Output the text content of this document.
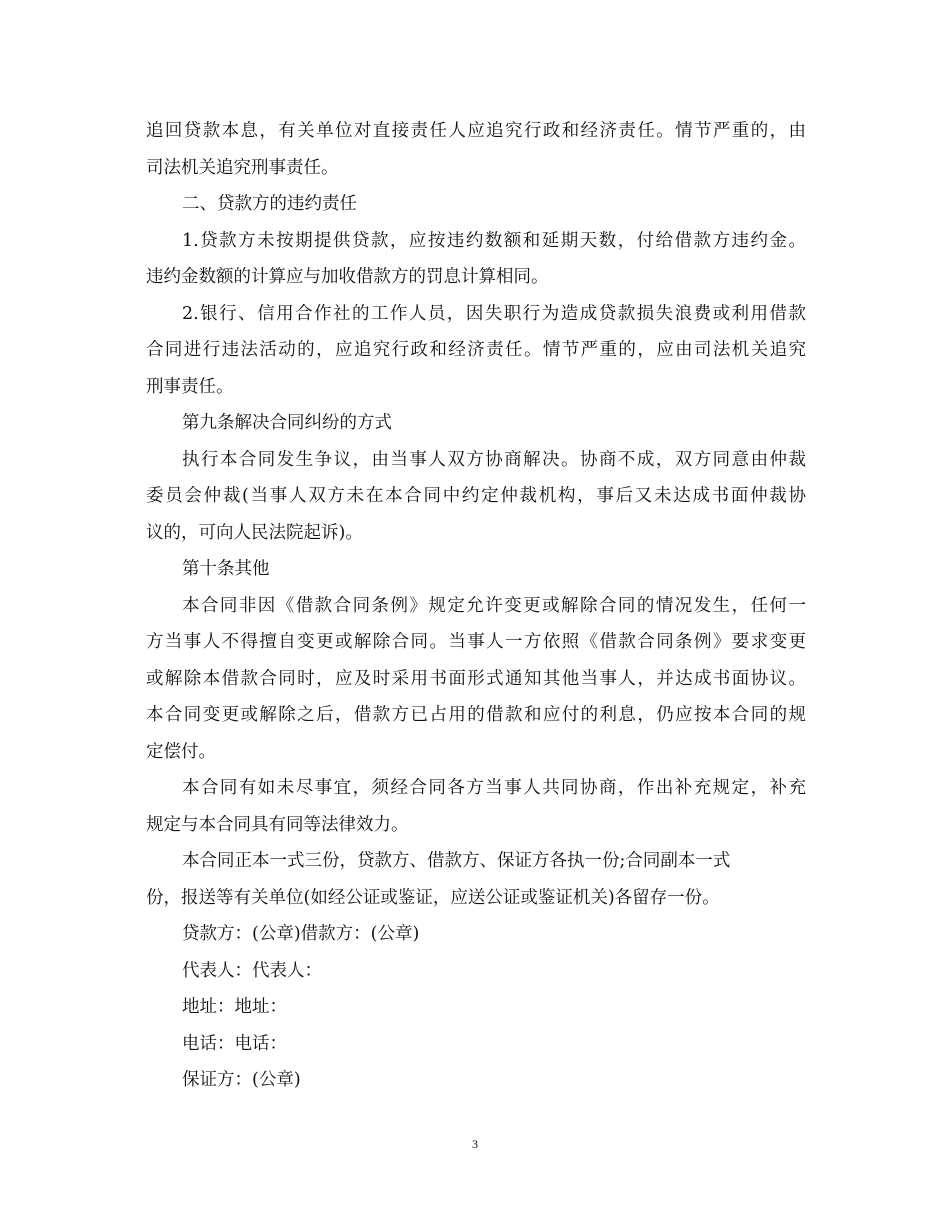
追回贷款本息，有关单位对直接责任人应追究行政和经济责任。情节严重的，由
司法机关追究刑事责任。
二、贷款方的违约责任
1.贷款方未按期提供贷款，应按违约数额和延期天数，付给借款方违约金。
违约金数额的计算应与加收借款方的罚息计算相同。
2.银行、信用合作社的工作人员，因失职行为造成贷款损失浪费或利用借款
合同进行违法活动的，应追究行政和经济责任。情节严重的，应由司法机关追究
刑事责任。
第九条解决合同纠纷的方式
执行本合同发生争议，由当事人双方协商解决。协商不成，双方同意由仲裁
委员会仲裁(当事人双方未在本合同中约定仲裁机构，事后又未达成书面仲裁协
议的，可向人民法院起诉)。
第十条其他
本合同非因《借款合同条例》规定允许变更或解除合同的情况发生，任何一
方当事人不得擅自变更或解除合同。当事人一方依照《借款合同条例》要求变更
或解除本借款合同时，应及时采用书面形式通知其他当事人，并达成书面协议。
本合同变更或解除之后，借款方已占用的借款和应付的利息，仍应按本合同的规
定偿付。
本合同有如未尽事宜，须经合同各方当事人共同协商，作出补充规定，补充
规定与本合同具有同等法律效力。
本合同正本一式三份，贷款方、借款方、保证方各执一份;合同副本一式
份，报送等有关单位(如经公证或鉴证，应送公证或鉴证机关)各留存一份。
贷款方：(公章)借款方：(公章)
代表人：代表人：
地址：地址：
电话：电话：
保证方：(公章)
3
